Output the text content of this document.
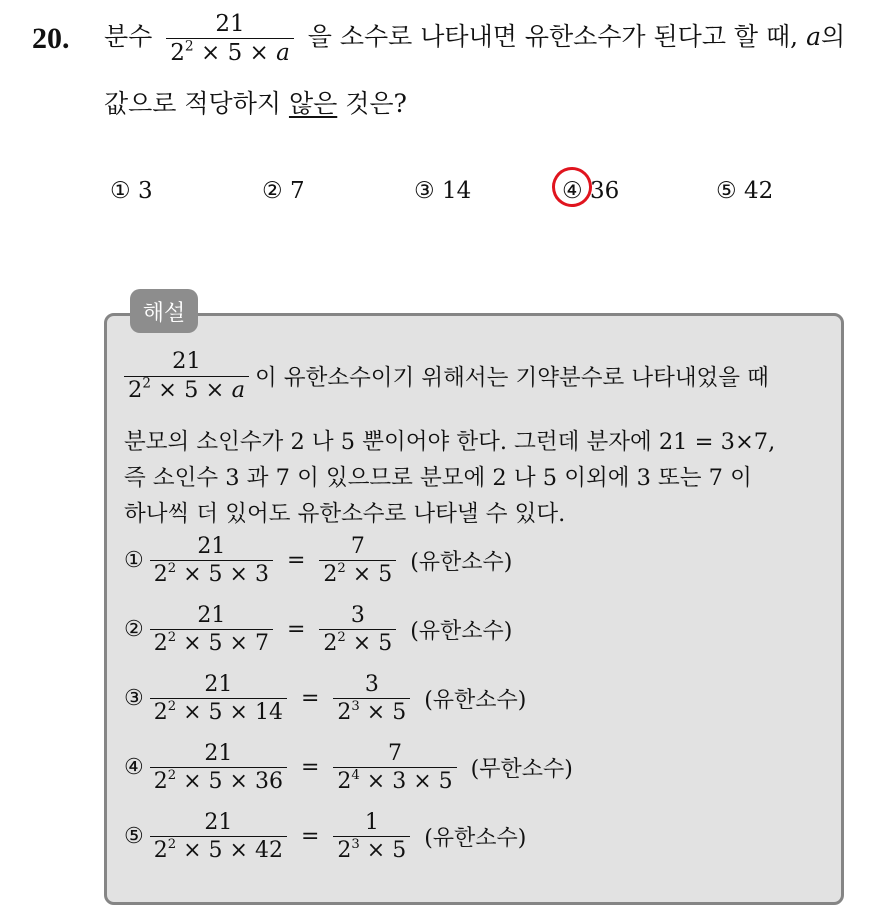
20. 분수 $\frac{21}{2^2 \times 5 \times a}$ 을 소수로 나타내면 유한소수가 된다고 할 때, a의
값으로 적당하지 않은 것은?
① 3	② 7	③ 14	④ 36	⑤ 42
해설
$\frac{21}{2^2 \times 5 \times a}$ 이 유한소수이기 위해서는 기약분수로 나타내었을 때
분모의 소인수가 2 나 5 뿐이어야 한다. 그런데 분자에 21 = 3×7,
즉 소인수 3 과 7 이 있으므로 분모에 2 나 5 이외에 3 또는 7 이
하나씩 더 있어도 유한소수로 나타낼 수 있다.
① $\frac{21}{2^2 \times 5 \times 3} = \frac{7}{2^2 \times 5}$ (유한소수)
② $\frac{21}{2^2 \times 5 \times 7} = \frac{3}{2^2 \times 5}$ (유한소수)
③ $\frac{21}{2^2 \times 5 \times 14} = \frac{3}{2^3 \times 5}$ (유한소수)
④ $\frac{21}{2^2 \times 5 \times 36} = \frac{7}{2^4 \times 3 \times 5}$ (무한소수)
⑤ $\frac{21}{2^2 \times 5 \times 42} = \frac{1}{2^3 \times 5}$ (유한소수)
